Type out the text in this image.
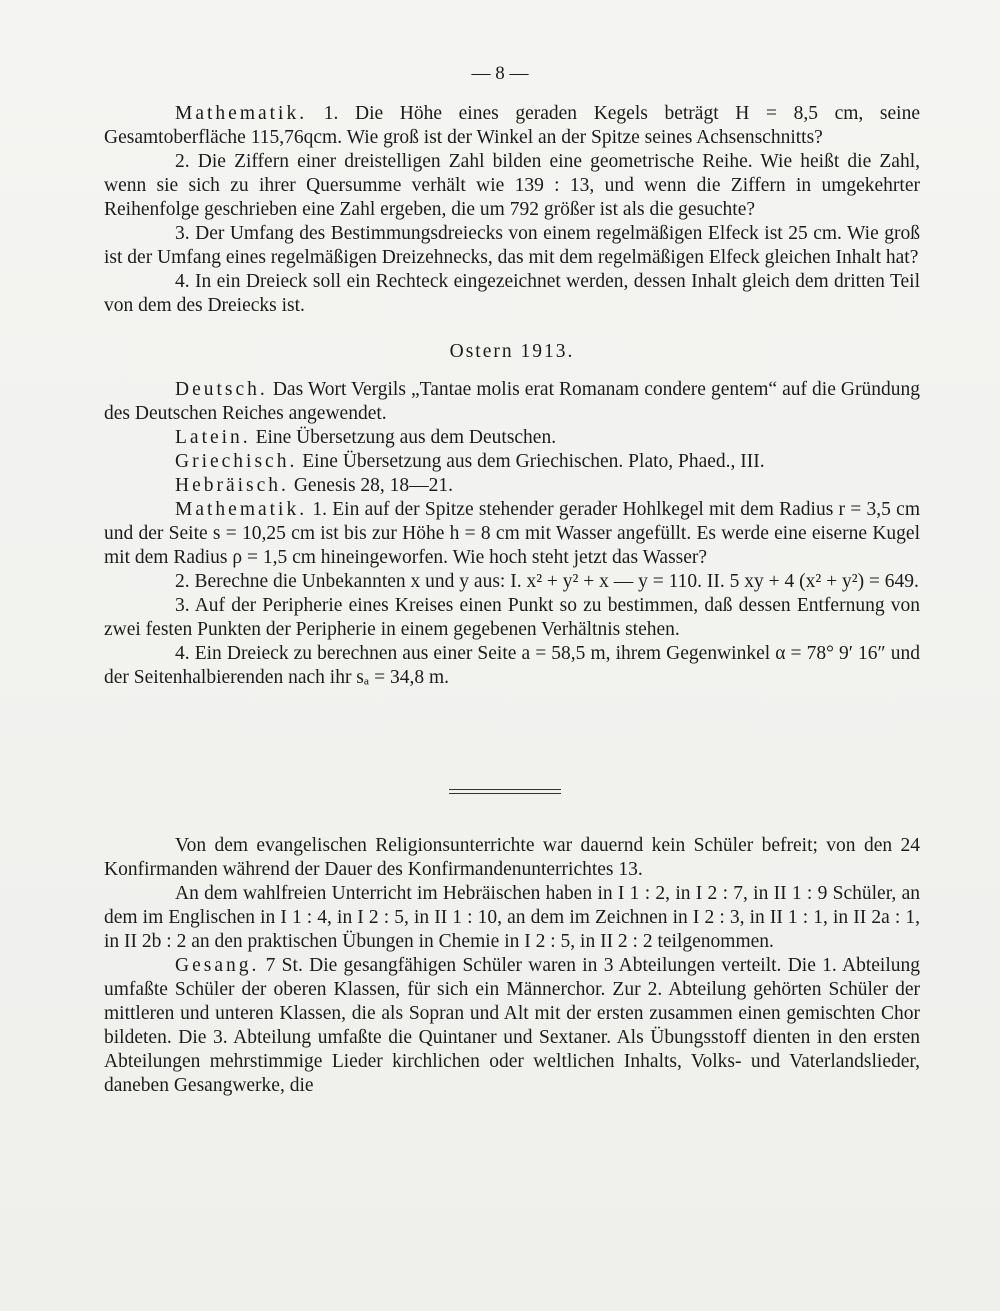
— 8 —

Mathematik. 1. Die Höhe eines geraden Kegels beträgt H = 8,5 cm, seine Gesamtoberfläche 115,76qcm. Wie groß ist der Winkel an der Spitze seines Achsenschnitts?

2. Die Ziffern einer dreistelligen Zahl bilden eine geometrische Reihe. Wie heißt die Zahl, wenn sie sich zu ihrer Quersumme verhält wie 139 : 13, und wenn die Ziffern in umgekehrter Reihenfolge geschrieben eine Zahl ergeben, die um 792 größer ist als die gesuchte?

3. Der Umfang des Bestimmungsdreiecks von einem regelmäßigen Elfeck ist 25 cm. Wie groß ist der Umfang eines regelmäßigen Dreizehnecks, das mit dem regelmäßigen Elfeck gleichen Inhalt hat?

4. In ein Dreieck soll ein Rechteck eingezeichnet werden, dessen Inhalt gleich dem dritten Teil von dem des Dreiecks ist.

Ostern 1913.

Deutsch. Das Wort Vergils „Tantae molis erat Romanam condere gentem“ auf die Gründung des Deutschen Reiches angewendet.

Latein. Eine Übersetzung aus dem Deutschen.

Griechisch. Eine Übersetzung aus dem Griechischen. Plato, Phaed., III.

Hebräisch. Genesis 28, 18—21.

Mathematik. 1. Ein auf der Spitze stehender gerader Hohlkegel mit dem Radius r = 3,5 cm und der Seite s = 10,25 cm ist bis zur Höhe h = 8 cm mit Wasser angefüllt. Es werde eine eiserne Kugel mit dem Radius ρ = 1,5 cm hineingeworfen. Wie hoch steht jetzt das Wasser?

2. Berechne die Unbekannten x und y aus: I. x² + y² + x — y = 110. II. 5 xy + 4 (x² + y²) = 649.

3. Auf der Peripherie eines Kreises einen Punkt so zu bestimmen, daß dessen Entfernung von zwei festen Punkten der Peripherie in einem gegebenen Verhältnis stehen.

4. Ein Dreieck zu berechnen aus einer Seite a = 58,5 m, ihrem Gegenwinkel α = 78° 9′ 16″ und der Seitenhalbierenden nach ihr sₐ = 34,8 m.

Von dem evangelischen Religionsunterrichte war dauernd kein Schüler befreit; von den 24 Konfirmanden während der Dauer des Konfirmandenunterrichtes 13.

An dem wahlfreien Unterricht im Hebräischen haben in I 1 : 2, in I 2 : 7, in II 1 : 9 Schüler, an dem im Englischen in I 1 : 4, in I 2 : 5, in II 1 : 10, an dem im Zeichnen in I 2 : 3, in II 1 : 1, in II 2a : 1, in II 2b : 2 an den praktischen Übungen in Chemie in I 2 : 5, in II 2 : 2 teilgenommen.

Gesang. 7 St. Die gesangfähigen Schüler waren in 3 Abteilungen verteilt. Die 1. Abteilung umfaßte Schüler der oberen Klassen, für sich ein Männerchor. Zur 2. Abteilung gehörten Schüler der mittleren und unteren Klassen, die als Sopran und Alt mit der ersten zusammen einen gemischten Chor bildeten. Die 3. Abteilung umfaßte die Quintaner und Sextaner. Als Übungsstoff dienten in den ersten Abteilungen mehrstimmige Lieder kirchlichen oder weltlichen Inhalts, Volks- und Vaterlandslieder, daneben Gesangwerke, die
